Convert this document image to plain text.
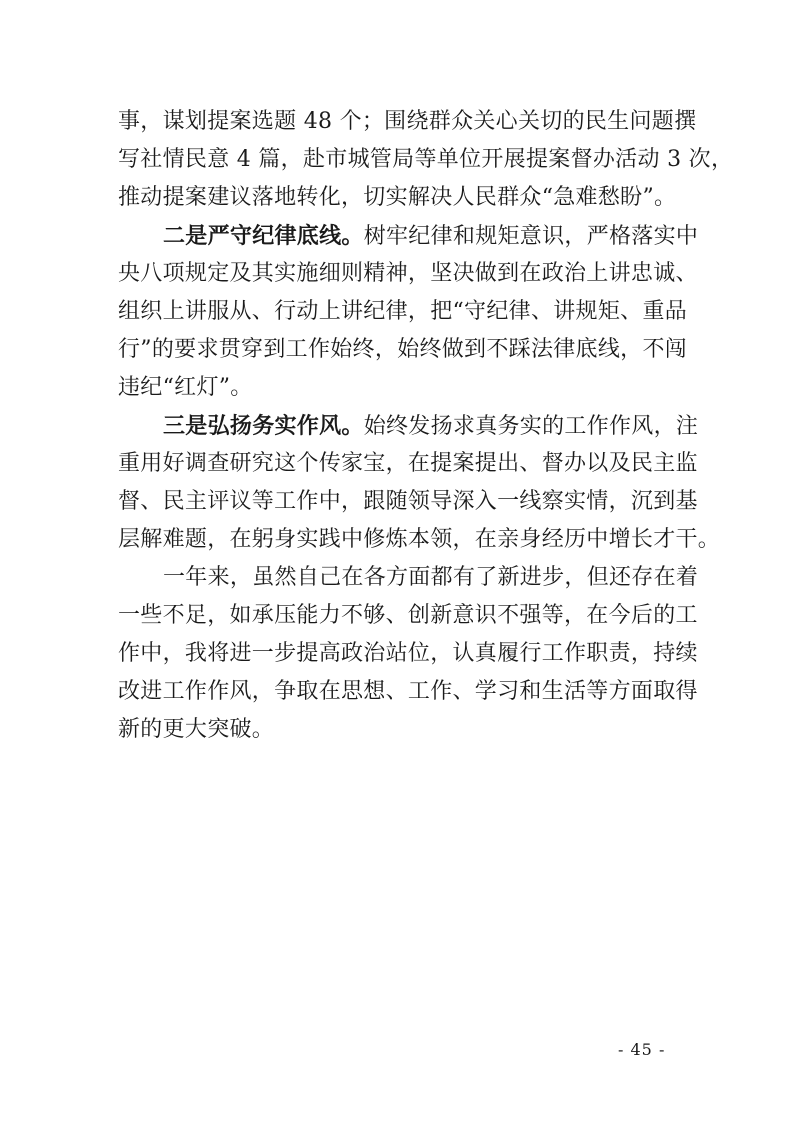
事，谋划提案选题 48 个；围绕群众关心关切的民生问题撰
写社情民意 4 篇，赴市城管局等单位开展提案督办活动 3 次，
推动提案建议落地转化，切实解决人民群众“急难愁盼”。
二是严守纪律底线。树牢纪律和规矩意识，严格落实中
央八项规定及其实施细则精神，坚决做到在政治上讲忠诚、
组织上讲服从、行动上讲纪律，把“守纪律、讲规矩、重品
行”的要求贯穿到工作始终，始终做到不踩法律底线，不闯
违纪“红灯”。
三是弘扬务实作风。始终发扬求真务实的工作作风，注
重用好调查研究这个传家宝，在提案提出、督办以及民主监
督、民主评议等工作中，跟随领导深入一线察实情，沉到基
层解难题，在躬身实践中修炼本领，在亲身经历中增长才干。
一年来，虽然自己在各方面都有了新进步，但还存在着
一些不足，如承压能力不够、创新意识不强等，在今后的工
作中，我将进一步提高政治站位，认真履行工作职责，持续
改进工作作风，争取在思想、工作、学习和生活等方面取得
新的更大突破。
- 45 -
